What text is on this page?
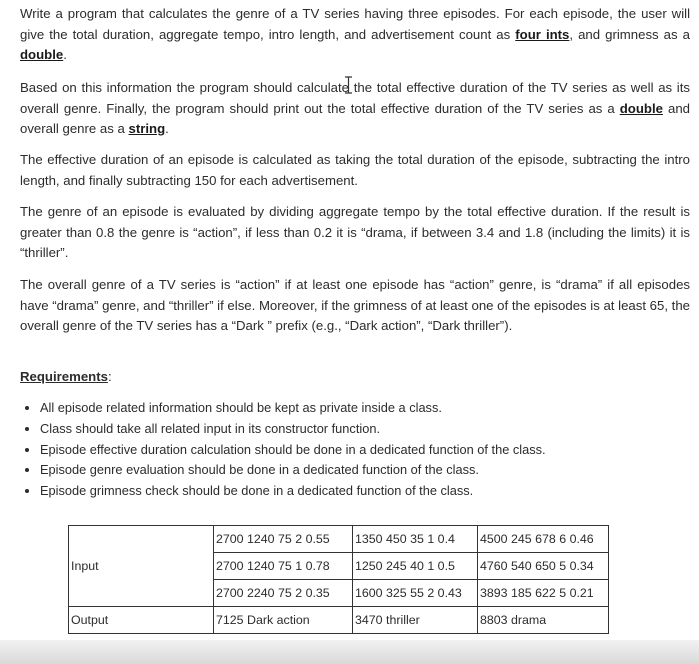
Write a program that calculates the genre of a TV series having three episodes. For each episode, the user will give the total duration, aggregate tempo, intro length, and advertisement count as four ints, and grimness as a double.

Based on this information the program should calculate the total effective duration of the TV series as well as its overall genre. Finally, the program should print out the total effective duration of the TV series as a double and overall genre as a string.

The effective duration of an episode is calculated as taking the total duration of the episode, subtracting the intro length, and finally subtracting 150 for each advertisement.

The genre of an episode is evaluated by dividing aggregate tempo by the total effective duration. If the result is greater than 0.8 the genre is “action”, if less than 0.2 it is “drama, if between 3.4 and 1.8 (including the limits) it is “thriller”.

The overall genre of a TV series is “action” if at least one episode has “action” genre, is “drama” if all episodes have “drama” genre, and “thriller” if else. Moreover, if the grimness of at least one of the episodes is at least 65, the overall genre of the TV series has a “Dark ” prefix (e.g., “Dark action”, “Dark thriller”).

Requirements:
• All episode related information should be kept as private inside a class.
• Class should take all related input in its constructor function.
• Episode effective duration calculation should be done in a dedicated function of the class.
• Episode genre evaluation should be done in a dedicated function of the class.
• Episode grimness check should be done in a dedicated function of the class.
Input	2700 1240 75 2 0.55	1350 450 35 1 0.4	4500 245 678 6 0.46
	2700 1240 75 1 0.78	1250 245 40 1 0.5	4760 540 650 5 0.34
	2700 2240 75 2 0.35	1600 325 55 2 0.43	3893 185 622 5 0.21
Output	7125 Dark action	3470 thriller	8803 drama
